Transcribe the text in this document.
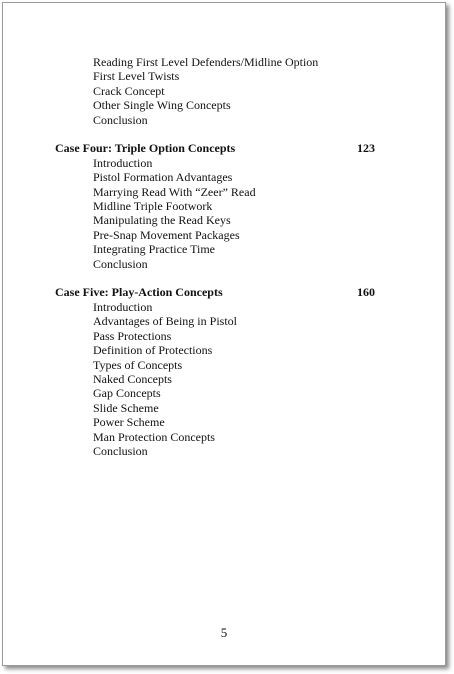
Reading First Level Defenders/Midline Option
First Level Twists
Crack Concept
Other Single Wing Concepts
Conclusion
Case Four: Triple Option Concepts	123
Introduction
Pistol Formation Advantages
Marrying Read With “Zeer” Read
Midline Triple Footwork
Manipulating the Read Keys
Pre-Snap Movement Packages
Integrating Practice Time
Conclusion
Case Five: Play-Action Concepts	160
Introduction
Advantages of Being in Pistol
Pass Protections
Definition of Protections
Types of Concepts
Naked Concepts
Gap Concepts
Slide Scheme
Power Scheme
Man Protection Concepts
Conclusion
5
